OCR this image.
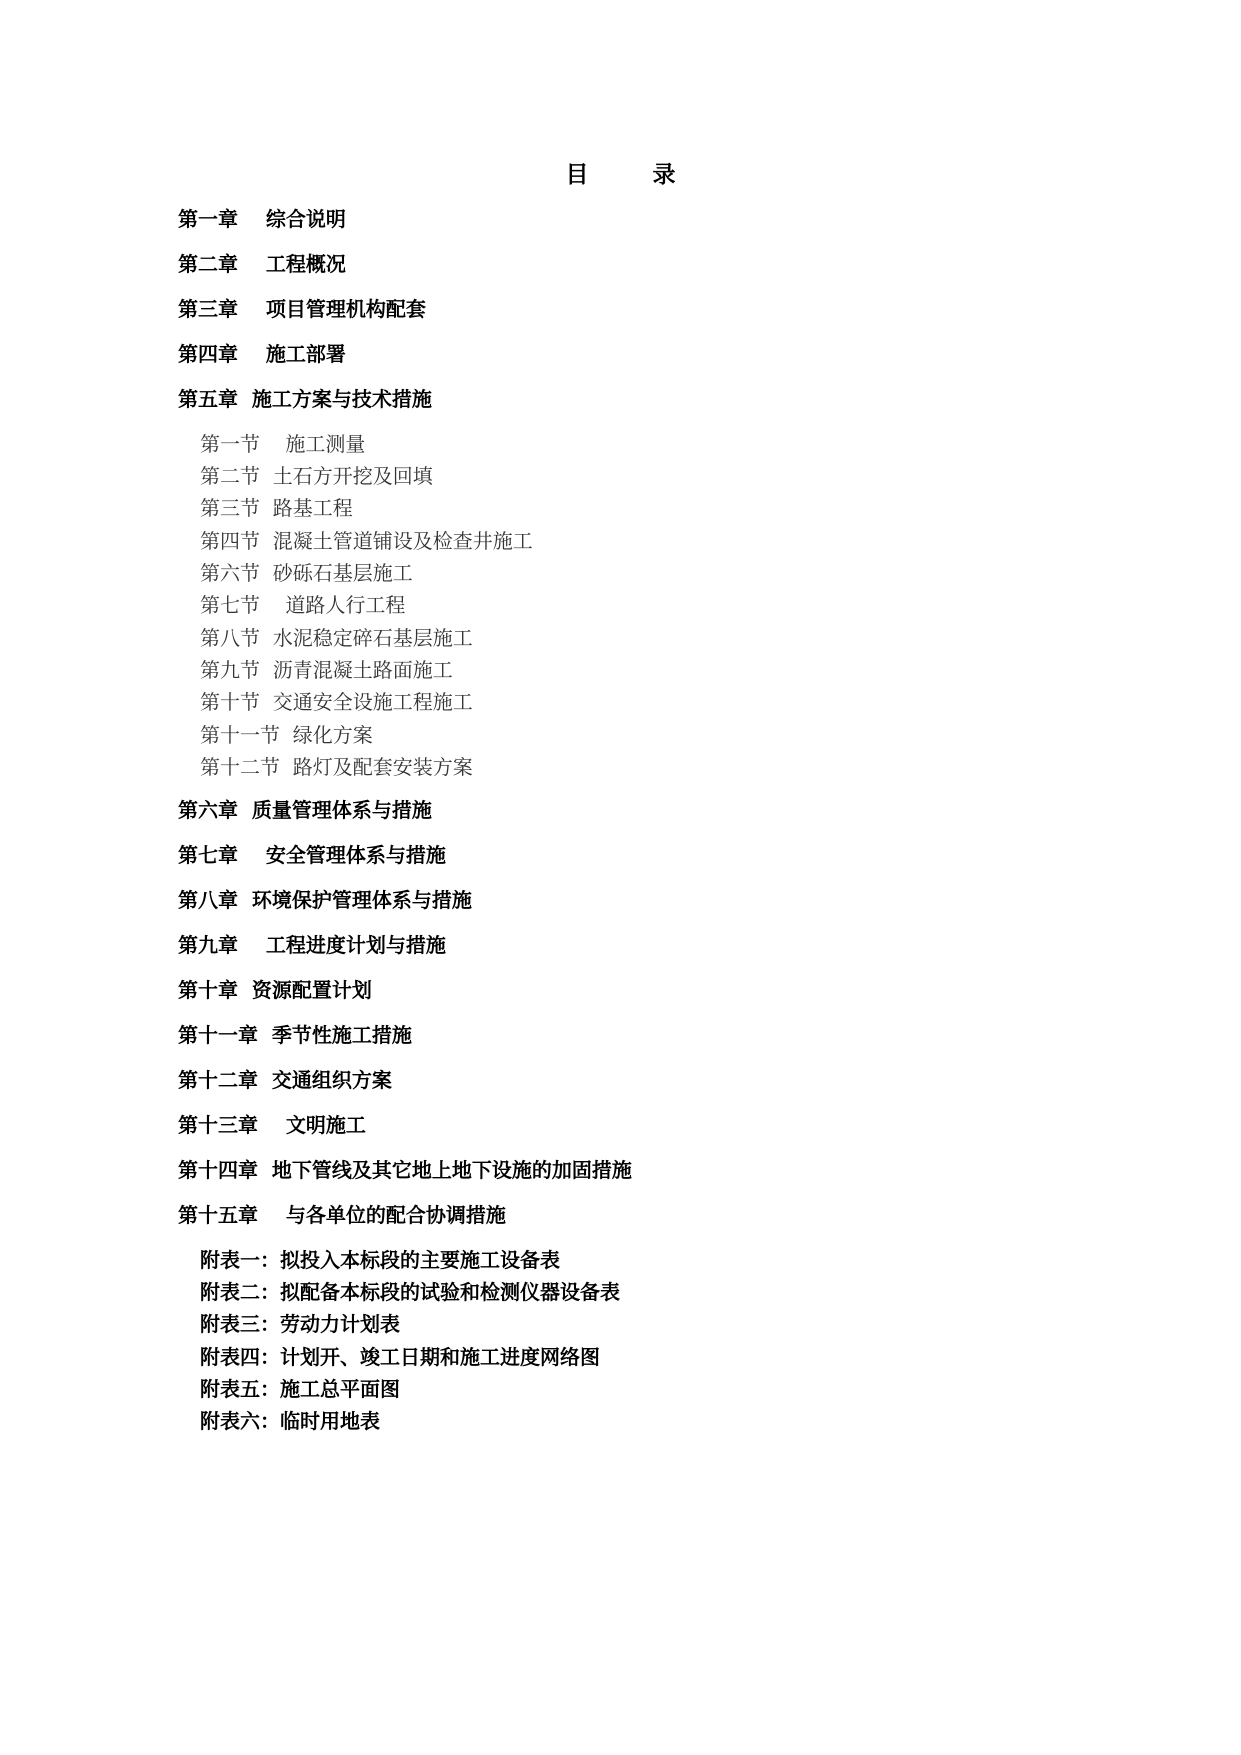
目 录
第一章    综合说明
第二章    工程概况
第三章    项目管理机构配套
第四章    施工部署
第五章  施工方案与技术措施
第一节    施工测量
第二节  土石方开挖及回填
第三节  路基工程
第四节  混凝土管道铺设及检查井施工
第六节  砂砾石基层施工
第七节    道路人行工程
第八节  水泥稳定碎石基层施工
第九节  沥青混凝土路面施工
第十节  交通安全设施工程施工
第十一节  绿化方案
第十二节  路灯及配套安装方案
第六章  质量管理体系与措施
第七章    安全管理体系与措施
第八章  环境保护管理体系与措施
第九章    工程进度计划与措施
第十章  资源配置计划
第十一章  季节性施工措施
第十二章  交通组织方案
第十三章    文明施工
第十四章  地下管线及其它地上地下设施的加固措施
第十五章    与各单位的配合协调措施
附表一：拟投入本标段的主要施工设备表
附表二：拟配备本标段的试验和检测仪器设备表
附表三：劳动力计划表
附表四：计划开、竣工日期和施工进度网络图
附表五：施工总平面图
附表六：临时用地表
